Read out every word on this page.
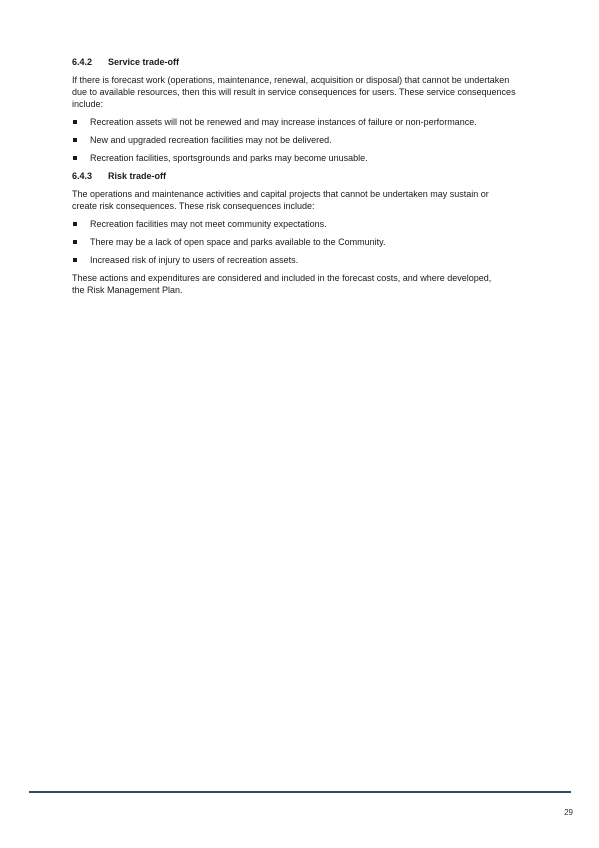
6.4.2	Service trade-off

If there is forecast work (operations, maintenance, renewal, acquisition or disposal) that cannot be undertaken due to available resources, then this will result in service consequences for users. These service consequences include:

Recreation assets will not be renewed and may increase instances of failure or non-performance.
New and upgraded recreation facilities may not be delivered.
Recreation facilities, sportsgrounds and parks may become unusable.
6.4.3	Risk trade-off

The operations and maintenance activities and capital projects that cannot be undertaken may sustain or create risk consequences. These risk consequences include:

Recreation facilities may not meet community expectations.
There may be a lack of open space and parks available to the Community.
Increased risk of injury to users of recreation assets.

These actions and expenditures are considered and included in the forecast costs, and where developed, the Risk Management Plan.

29
